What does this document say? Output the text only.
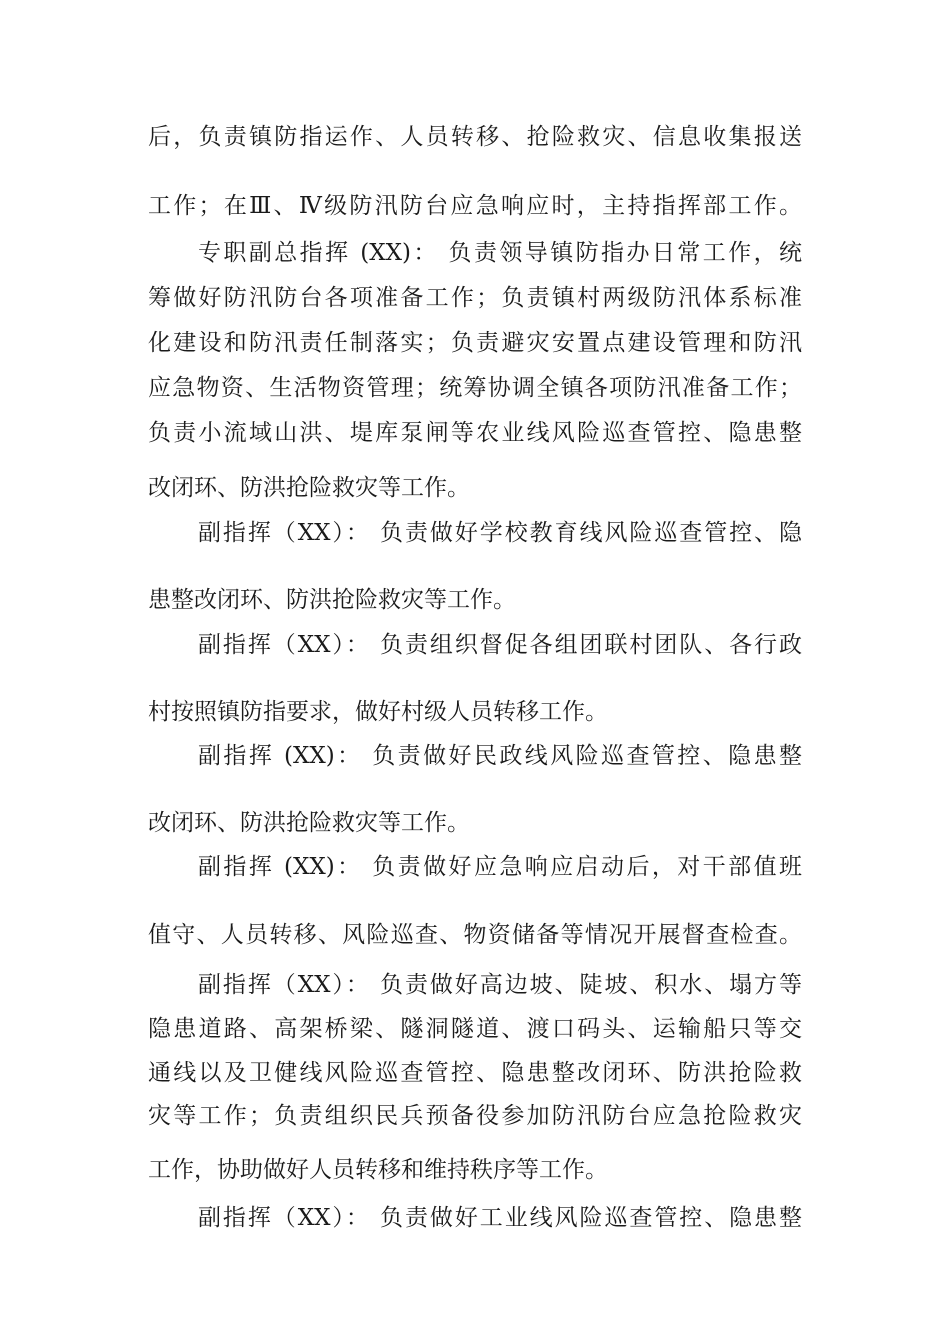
后，负责镇防指运作、人员转移、抢险救灾、信息收集报送
工作；在Ⅲ、Ⅳ级防汛防台应急响应时，主持指挥部工作。
专职副总指挥 (XX)： 负责领导镇防指办日常工作，统
筹做好防汛防台各项准备工作；负责镇村两级防汛体系标准
化建设和防汛责任制落实；负责避灾安置点建设管理和防汛
应急物资、生活物资管理；统筹协调全镇各项防汛准备工作；
负责小流域山洪、堤库泵闸等农业线风险巡查管控、隐患整
改闭环、防洪抢险救灾等工作。
副指挥（XX）： 负责做好学校教育线风险巡查管控、隐
患整改闭环、防洪抢险救灾等工作。
副指挥（XX）： 负责组织督促各组团联村团队、各行政
村按照镇防指要求，做好村级人员转移工作。
副指挥 (XX)： 负责做好民政线风险巡查管控、隐患整
改闭环、防洪抢险救灾等工作。
副指挥 (XX)： 负责做好应急响应启动后，对干部值班
值守、人员转移、风险巡查、物资储备等情况开展督查检查。
副指挥（XX）： 负责做好高边坡、陡坡、积水、塌方等
隐患道路、高架桥梁、隧洞隧道、渡口码头、运输船只等交
通线以及卫健线风险巡查管控、隐患整改闭环、防洪抢险救
灾等工作；负责组织民兵预备役参加防汛防台应急抢险救灾
工作，协助做好人员转移和维持秩序等工作。
副指挥（XX）： 负责做好工业线风险巡查管控、隐患整
